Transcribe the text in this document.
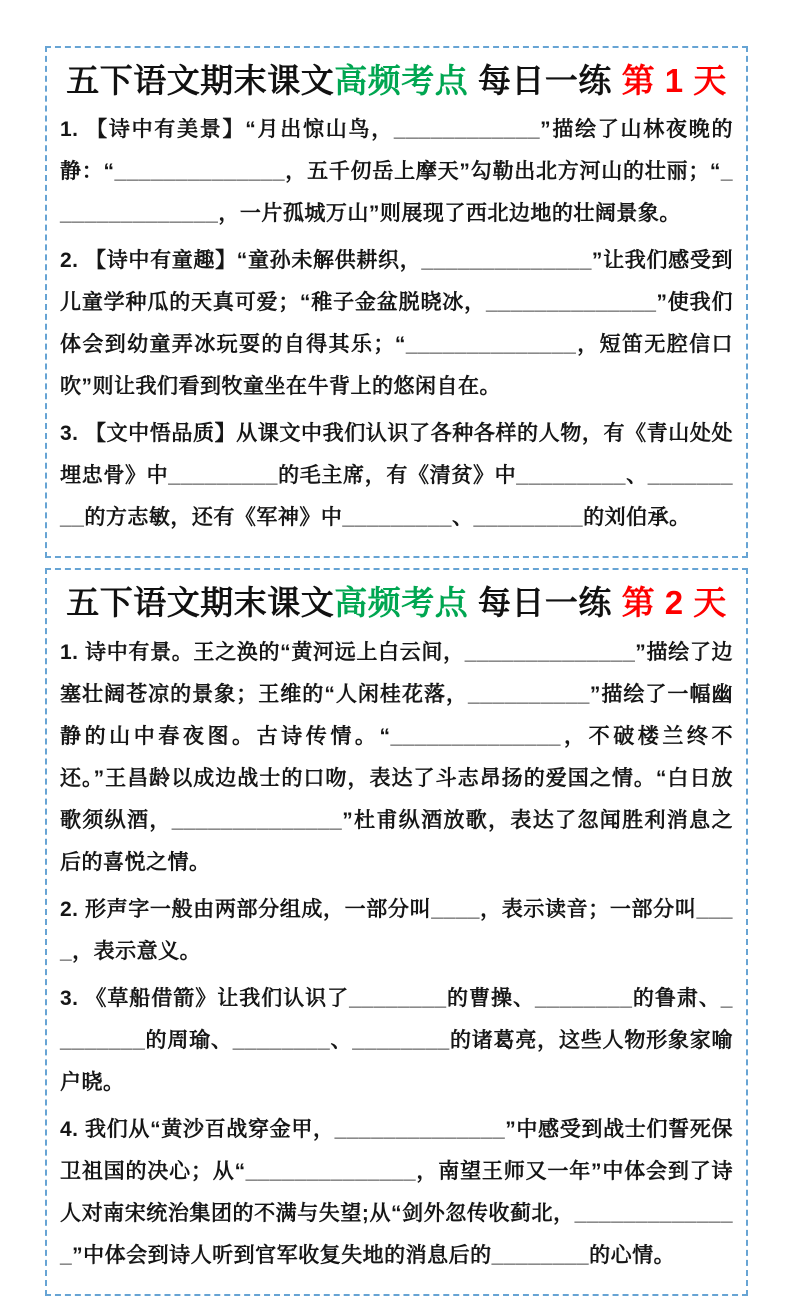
五下语文期末课文高频考点 每日一练 第 1 天

1. 【诗中有美景】“月出惊山鸟，____________”描绘了山林夜晚的静：“______________，五千仞岳上摩天”勾勒出北方河山的壮丽；“______________，一片孤城万山”则展现了西北边地的壮阔景象。

2. 【诗中有童趣】“童孙未解供耕织，______________”让我们感受到儿童学种瓜的天真可爱；“稚子金盆脱晓冰，______________”使我们体会到幼童弄冰玩耍的自得其乐；“______________，短笛无腔信口吹”则让我们看到牧童坐在牛背上的悠闲自在。

3. 【文中悟品质】从课文中我们认识了各种各样的人物，有《青山处处埋忠骨》中_________的毛主席，有《清贫》中_________、_________的方志敏，还有《军神》中_________、_________的刘伯承。

五下语文期末课文高频考点 每日一练 第 2 天

1. 诗中有景。王之涣的“黄河远上白云间，______________”描绘了边塞壮阔苍凉的景象；王维的“人闲桂花落，__________”描绘了一幅幽静的山中春夜图。古诗传情。“______________，不破楼兰终不还。”王昌龄以成边战士的口吻，表达了斗志昂扬的爱国之情。“白日放歌须纵酒，______________”杜甫纵酒放歌，表达了忽闻胜利消息之后的喜悦之情。

2. 形声字一般由两部分组成，一部分叫____，表示读音；一部分叫____，表示意义。

3. 《草船借箭》让我们认识了________的曹操、________的鲁肃、________的周瑜、________、________的诸葛亮，这些人物形象家喻户晓。

4. 我们从“黄沙百战穿金甲，______________”中感受到战士们誓死保卫祖国的决心；从“______________，南望王师又一年”中体会到了诗人对南宋统治集团的不满与失望;从“剑外忽传收蓟北，______________”中体会到诗人听到官军收复失地的消息后的________的心情。
